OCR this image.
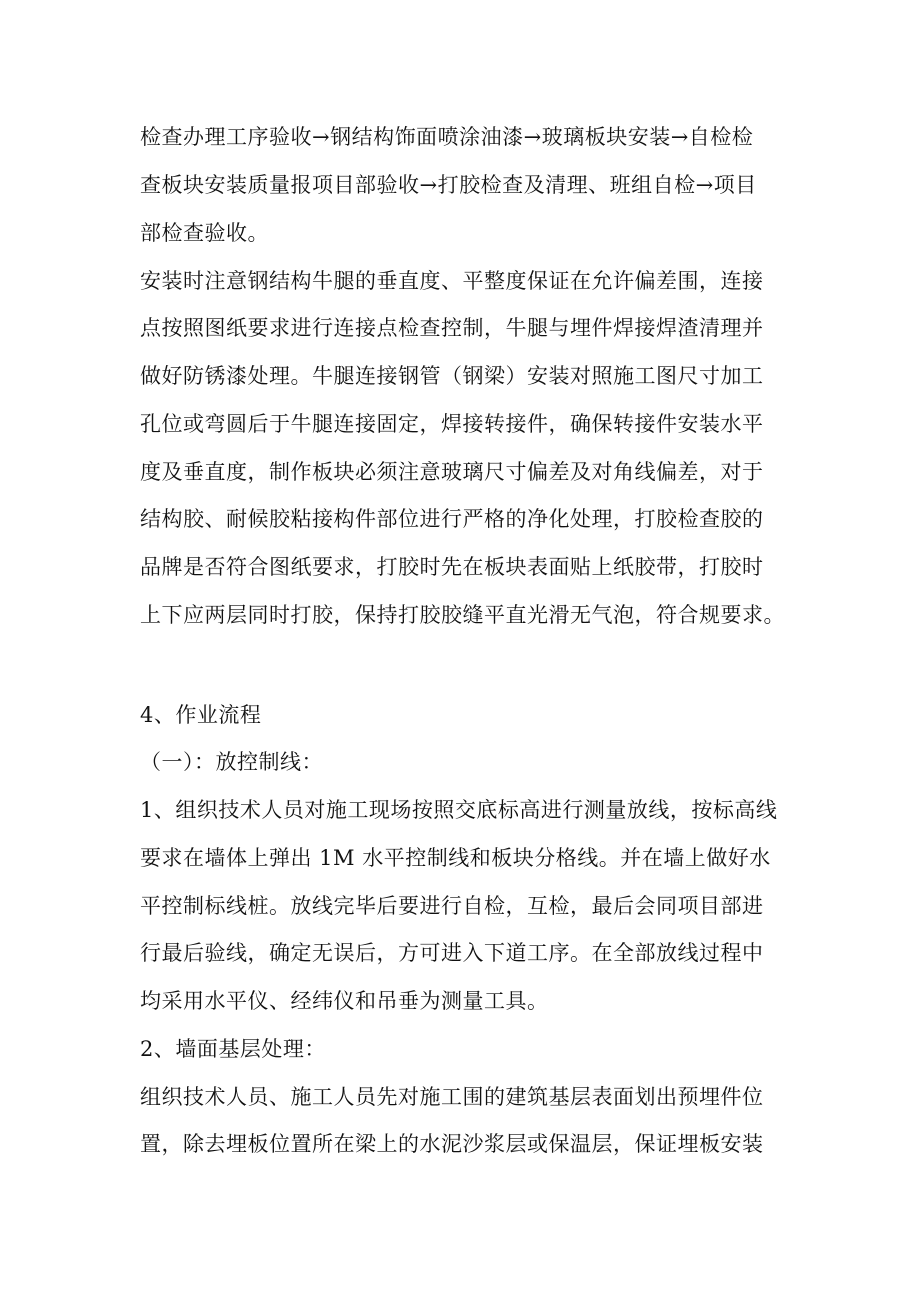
检查办理工序验收→钢结构饰面喷涂油漆→玻璃板块安装→自检检
查板块安装质量报项目部验收→打胶检查及清理、班组自检→项目
部检查验收。
安装时注意钢结构牛腿的垂直度、平整度保证在允许偏差围，连接
点按照图纸要求进行连接点检查控制，牛腿与埋件焊接焊渣清理并
做好防锈漆处理。牛腿连接钢管（钢梁）安装对照施工图尺寸加工
孔位或弯圆后于牛腿连接固定，焊接转接件，确保转接件安装水平
度及垂直度，制作板块必须注意玻璃尺寸偏差及对角线偏差，对于
结构胶、耐候胶粘接构件部位进行严格的净化处理，打胶检查胶的
品牌是否符合图纸要求，打胶时先在板块表面贴上纸胶带，打胶时
上下应两层同时打胶，保持打胶胶缝平直光滑无气泡，符合规要求。
4、作业流程
（一）：放控制线：
1、组织技术人员对施工现场按照交底标高进行测量放线，按标高线
要求在墙体上弹出 1M 水平控制线和板块分格线。并在墙上做好水
平控制标线桩。放线完毕后要进行自检，互检，最后会同项目部进
行最后验线，确定无误后，方可进入下道工序。在全部放线过程中
均采用水平仪、经纬仪和吊垂为测量工具。
2、墙面基层处理：
组织技术人员、施工人员先对施工围的建筑基层表面划出预埋件位
置，除去埋板位置所在梁上的水泥沙浆层或保温层，保证埋板安装
